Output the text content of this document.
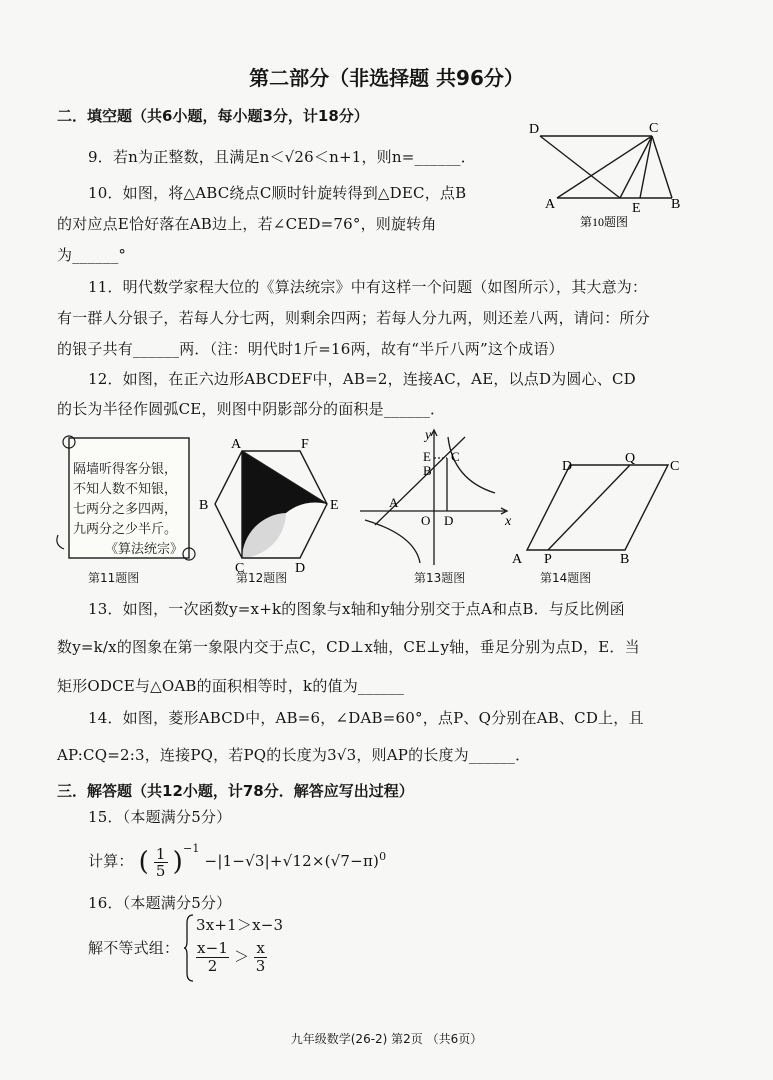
第二部分（非选择题 共96分）
二．填空题（共6小题，每小题3分，计18分）
9．若n为正整数，且满足n＜√26＜n+1，则n=______．
10．如图，将△ABC绕点C顺时针旋转得到△DEC，点B
的对应点E恰好落在AB边上，若∠CED=76°，则旋转角
为______°
D	C
A	E B
第10题图
11．明代数学家程大位的《算法统宗》中有这样一个问题（如图所示），其大意为：
有一群人分银子，若每人分七两，则剩余四两；若每人分九两，则还差八两，请问：所分
的银子共有______两．（注：明代时1斤=16两，故有“半斤八两”这个成语）
12．如图，在正六边形ABCDEF中，AB=2，连接AC，AE，以点D为圆心、CD
的长为半径作圆弧CE，则图中阴影部分的面积是______．
隔墙听得客分银，
不知人数不知银，
七两分之多四两，
九两分之少半斤。
《算法统宗》
第11题图
A	F
B	E
C	D
第12题图
y
x
E
B
C
A
O D
第13题图
D
Q
C
A P	B
第14题图
13．如图，一次函数y=x+k的图象与x轴和y轴分别交于点A和点B．与反比例函
数y=k/x的图象在第一象限内交于点C，CD⊥x轴，CE⊥y轴，垂足分别为点D，E．当
矩形ODCE与△OAB的面积相等时，k的值为______
14．如图，菱形ABCD中，AB=6，∠DAB=60°，点P、Q分别在AB、CD上，且
AP:CQ=2:3，连接PQ，若PQ的长度为3√3，则AP的长度为______．
三．解答题（共12小题，计78分．解答应写出过程）
15．（本题满分5分）
计算： ( $\frac{1}{5} )^{-1} -|1-√3|+√12\times(√7-\pi)^0$
16．（本题满分5分）
解不等式组：
3x+1＞x−3
$\frac{x-1}{2} > \frac{x}{3}$
九年级数学(26-2) 第2页 （共6页）
